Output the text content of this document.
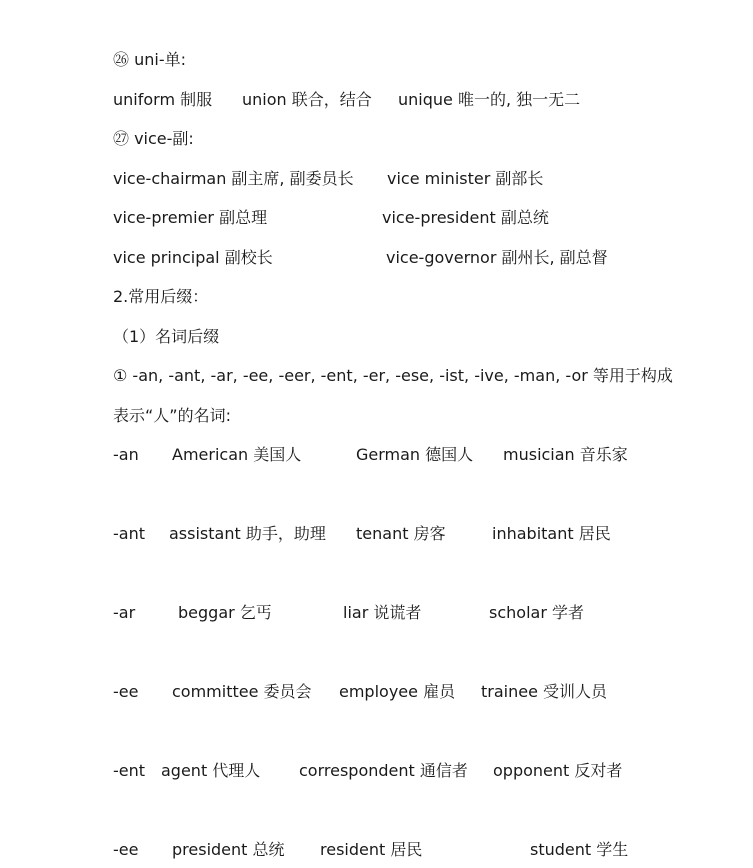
㉖ uni-单:
uniform 制服 union 联合，结合 unique 唯一的, 独一无二
㉗ vice-副:
vice-chairman 副主席, 副委员长 vice minister 副部长
vice-premier 副总理	vice-president 副总统
vice principal 副校长	vice-governor 副州长, 副总督
2.常用后缀：
（1）名词后缀
① -an, -ant, -ar, -ee, -eer, -ent, -er, -ese, -ist, -ive, -man, -or 等用于构成
表示“人”的名词:
-an American 美国人	German 德国人 musician 音乐家
-ant assistant 助手，助理 tenant 房客	inhabitant 居民
-ar	beggar 乞丐	liar 说谎者	scholar 学者
-ee committee 委员会 employee 雇员 trainee 受训人员
-ent agent 代理人 correspondent 通信者 opponent 反对者
-ee president 总统 resident 居民	student 学生
